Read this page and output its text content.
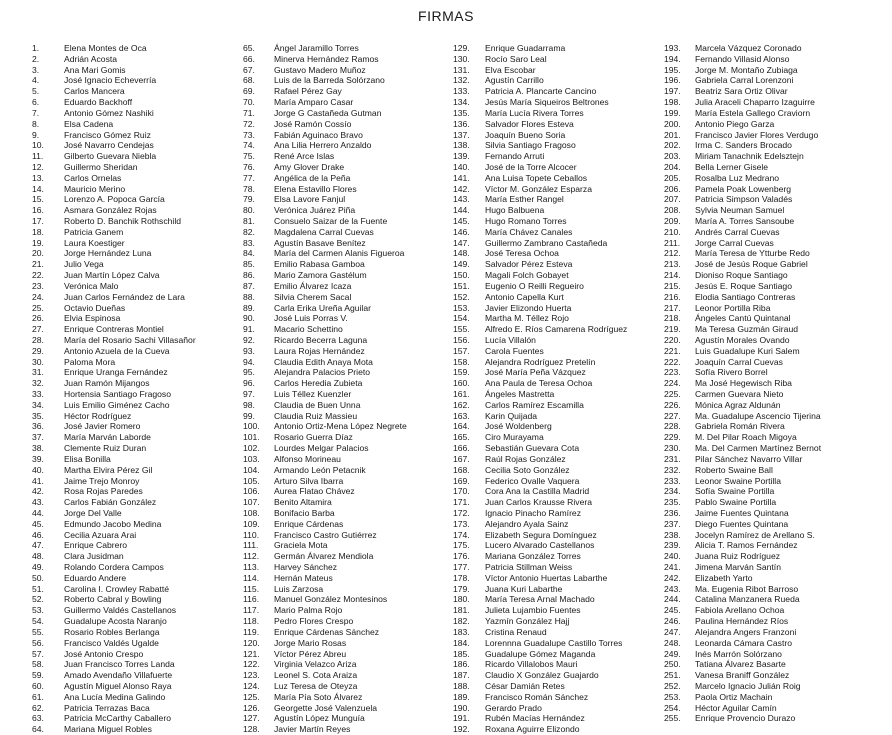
FIRMAS
1.	Elena Montes de Oca
2.	Adrián Acosta
3.	Ana Mari Gomis
4.	José Ignacio Echeverría
5.	Carlos Mancera
6.	Eduardo Backhoff
7.	Antonio Gómez Nashiki
8.	Elsa Cadena
9.	Francisco Gómez Ruiz
10. José Navarro Cendejas
11. Gilberto Guevara Niebla
12. Guillermo Sheridan
13. Carlos Ornelas
14. Mauricio Merino
15. Lorenzo A. Popoca García
16. Asmara González Rojas
17. Roberto D. Banchik Rothschild
18. Patricia Ganem
19. Laura Koestiger
20. Jorge Hernández Luna
21. Julio Vega
22. Juan Martín López Calva
23. Verónica Malo
24. Juan Carlos Fernández de Lara
25. Octavio Dueñas
26. Elvia Espinosa
27. Enrique Contreras Montiel
28. María del Rosario Sachi Villasañor
29. Antonio Azuela de la Cueva
30. Paloma Mora
31. Enrique Uranga Fernández
32. Juan Ramón Mijangos
33. Hortensia Santiago Fragoso
34. Luis Emilio Giménez Cacho
35. Héctor Rodríguez
36. José Javier Romero
37. María Marván Laborde
38. Clemente Ruiz Duran
39. Elisa Bonilla
40. Martha Elvira Pérez Gil
41. Jaime Trejo Monroy
42. Rosa Rojas Paredes
43. Carlos Fabián González
44. Jorge Del Valle
45. Edmundo Jacobo Medina
46. Cecilia Azuara Arai
47. Enrique Cabrero
48. Clara Jusidman
49. Rolando Cordera Campos
50. Eduardo Andere
51. Carolina I. Crowley Rabatté
52. Roberto Cabral y Bowling
53. Guillermo Valdés Castellanos
54. Guadalupe Acosta Naranjo
55. Rosario Robles Berlanga
56. Francisco Valdés Ugalde
57. José Antonio Crespo
58. Juan Francisco Torres Landa
59. Amado Avendaño Villafuerte
60. Agustín Miguel Alonso Raya
61. Ana Lucía Medina Galindo
62. Patricia Terrazas Baca
63. Patricia McCarthy Caballero
64. Mariana Miguel Robles
65. Ángel Jaramillo Torres
66. Minerva Hernández Ramos
67. Gustavo Madero Muñoz
68. Luis de la Barreda Solórzano
69. Rafael Pérez Gay
70. María Amparo Casar
71. Jorge G Castañeda Gutman
72. José Ramón Cossío
73. Fabián Aguinaco Bravo
74. Ana Lilia Herrero Anzaldo
75. René Arce Islas
76. Amy Glover Drake
77. Angélica de la Peña
78. Elena Estavillo Flores
79. Elsa Lavore Fanjul
80. Verónica Juárez Piña
81. Consuelo Saizar de la Fuente
82. Magdalena Carral Cuevas
83. Agustín Basave Benítez
84. María del Carmen Alanis Figueroa
85. Emilio Rabasa Gamboa
86. Mario Zamora Gastélum
87. Emilio Álvarez Icaza
88. Silvia Cherem Sacal
89. Carla Erika Ureña Aguilar
90. José Luis Porras V.
91. Macario Schettino
92. Ricardo Becerra Laguna
93. Laura Rojas Hernández
94. Claudia Edith Anaya Mota
95. Alejandra Palacios Prieto
96. Carlos Heredia Zubieta
97. Luis Téllez Kuenzler
98. Claudia de Buen Unna
99. Claudia Ruiz Massieu
100. Antonio Ortiz-Mena López Negrete
101. Rosario Guerra Díaz
102. Lourdes Melgar Palacios
103. Alfonso Morineau
104. Armando León Petacnik
105. Arturo Silva Ibarra
106. Aurea Flatao Chávez
107. Benito Altamira
108. Bonifacio Barba
109. Enrique Cárdenas
110. Francisco Castro Gutiérrez
111. Graciela Mota
112. Germán Álvarez Mendiola
113. Harvey Sánchez
114. Hernán Mateus
115. Luis Zarzosa
116. Manuel González Montesinos
117. Mario Palma Rojo
118. Pedro Flores Crespo
119. Enrique Cárdenas Sánchez
120. Jorge Mario Rosas
121. Víctor Pérez Abreu
122. Virginia Velazco Ariza
123. Leonel S. Cota Araiza
124. Luz Teresa de Oteyza
125. María Pía Soto Álvarez
126. Georgette José Valenzuela
127. Agustín López Munguía
128. Javier Martín Reyes
129. Enrique Guadarrama
130. Rocío Saro Leal
131. Elva Escobar
132. Agustín Carrillo
133. Patricia A. Plancarte Cancino
134. Jesús María Siqueiros Beltrones
135. María Lucía Rivera Torres
136. Salvador Flores Esteva
137. Joaquín Bueno Soria
138. Silvia Santiago Fragoso
139. Fernando Arruti
140. José de la Torre Alcocer
141. Ana Luisa Topete Ceballos
142. Víctor M. González Esparza
143. María Esther Rangel
144. Hugo Balbuena
145. Hugo Romano Torres
146. María Chávez Canales
147. Guillermo Zambrano Castañeda
148. José Teresa Ochoa
149. Salvador Pérez Esteva
150. Magali Folch Gobayet
151. Eugenio O Reilli Regueiro
152. Antonio Capella Kurt
153. Javier Elizondo Huerta
154. Martha M. Téllez Rojo
155. Alfredo E. Ríos Camarena Rodríguez
156. Lucía Villalón
157. Carola Fuentes
158. Alejandra Rodríguez Pretelín
159. José María Peña Vázquez
160. Ana Paula de Teresa Ochoa
161. Ángeles Mastretta
162. Carlos Ramírez Escamilla
163. Karin Quijada
164. José Woldenberg
165. Ciro Murayama
166. Sebastián Guevara Cota
167. Raúl Rojas González
168. Cecilia Soto González
169. Federico Ovalle Vaquera
170. Cora Ana la Castilla Madrid
171. Juan Carlos Krausse Rivera
172. Ignacio Pinacho Ramírez
173. Alejandro Ayala Sainz
174. Elizabeth Segura Domínguez
175. Lucero Alvarado Castellanos
176. Mariana González Torres
177. Patricia Stillman Weiss
178. Víctor Antonio Huertas Labarthe
179. Juana Kuri Labarthe
180. María Teresa Arnal Machado
181. Julieta Lujambio Fuentes
182. Yazmín González Hajj
183. Cristina Renaud
184. Lorennna Guadalupe Castillo Torres
185. Guadalupe Gómez Maganda
186. Ricardo Villalobos Mauri
187. Claudio X González Guajardo
188. César Damián Retes
189. Francisco Román Sánchez
190. Gerardo Prado
191. Rubén Macías Hernández
192. Roxana Aguirre Elizondo
193. Marcela Vázquez Coronado
194. Fernando Villasid Alonso
195. Jorge M. Montaño Zubiaga
196. Gabriela Carral Lorenzoni
197. Beatriz Sara Ortiz Olivar
198. Julia Araceli Chaparro Izaguirre
199. María Estela Gallego Craviorn
200. Antonio Piego Garza
201. Francisco Javier Flores Verdugo
202. Irma C. Sanders Brocado
203. Miriam Tanachnik Edelsztejn
204. Bella Lerner Gisele
205. Rosalba Luz Medrano
206. Pamela Poak Lowenberg
207. Patricia Simpson Valadés
208. Sylvia Neuman Samuel
209. María A. Torres Sansoube
210. Andrés Carral Cuevas
211. Jorge Carral Cuevas
212. María Teresa de Ytturbe Redo
213. José de Jesús Roque Gabriel
214. Dioniso Roque Santiago
215. Jesús E. Roque Santiago
216. Elodia Santiago Contreras
217. Leonor Portilla Riba
218. Ángeles Cantú Quintanal
219. Ma Teresa Guzmán Giraud
220. Agustín Morales Ovando
221. Luis Guadalupe Kuri Salem
222. Joaquín Carral Cuevas
223. Sofía Rivero Borrel
224. Ma José Hegewisch Riba
225. Carmen Guevara Nieto
226. Mónica Agraz Aldunán
227. Ma. Guadalupe Ascencio Tijerina
228. Gabriela Román Rivera
229. M. Del Pilar Roach Migoya
230. Ma. Del Carmen Martínez Bernot
231. Pilar Sánchez Navarro Villar
232. Roberto Swaine Ball
233. Leonor Swaine Portilla
234. Sofía Swaine Portilla
235. Pablo Swaine Portilla
236. Jaime Fuentes Quintana
237. Diego Fuentes Quintana
238. Jocelyn Ramírez de Arellano S.
239. Alicia T. Ramos Fernández
240. Juana Ruiz Rodríguez
241. Jimena Marván Santín
242. Elizabeth Yarto
243. Ma. Eugenia Ribot Barroso
244. Catalina Manzanera Rueda
245. Fabiola Arellano Ochoa
246. Paulina Hernández Ríos
247. Alejandra Angers Franzoni
248. Leonarda Cámara Castro
249. Inés Marrón Solórzano
250. Tatiana Álvarez Basarte
251. Vanesa Braniff González
252. Marcelo Ignacio Julián Roig
253. Paola Ortiz Machain
254. Héctor Aguilar Camín
255. Enrique Provencio Durazo
